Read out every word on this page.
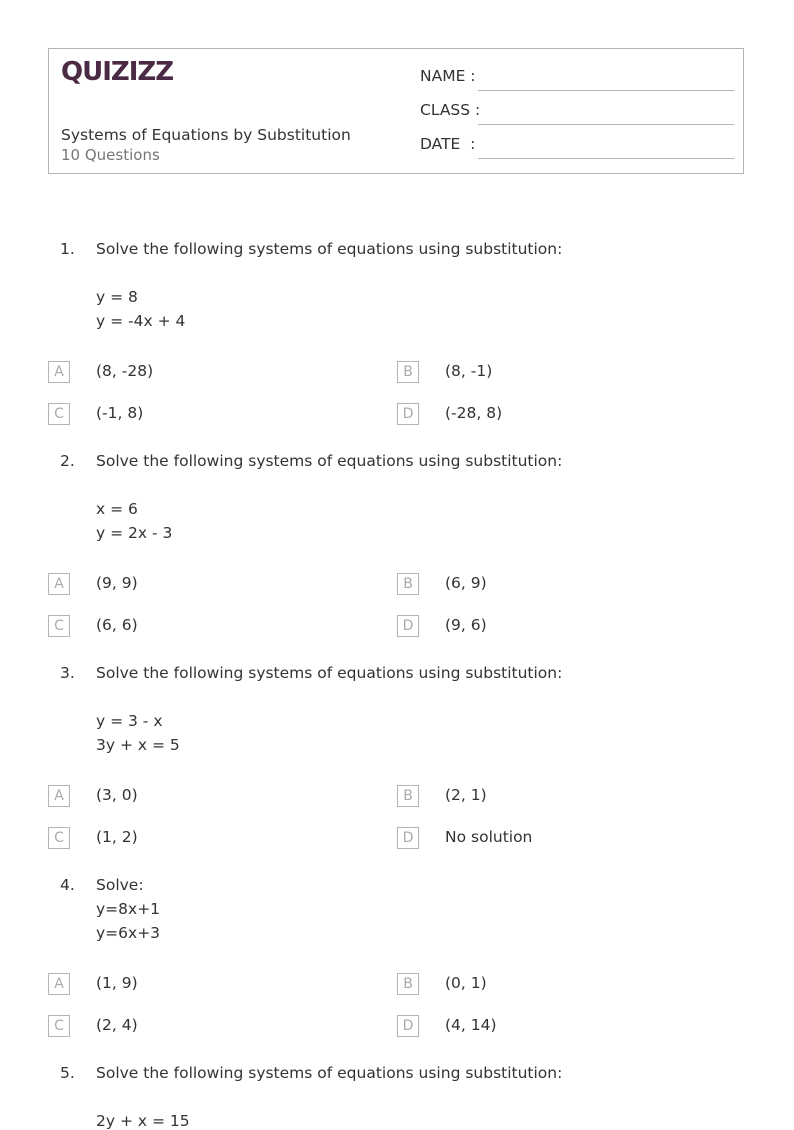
QUIZIZZ
Systems of Equations by Substitution
10 Questions
NAME :
CLASS :
DATE  :
1. Solve the following systems of equations using substitution:
y = 8
y = -4x + 4
A	(8, -28)	B	(8, -1)
C	(-1, 8)	D	(-28, 8)
2. Solve the following systems of equations using substitution:
x = 6
y = 2x - 3
A	(9, 9)	B	(6, 9)
C	(6, 6)	D	(9, 6)
3. Solve the following systems of equations using substitution:
y = 3 - x
3y + x = 5
A	(3, 0)	B	(2, 1)
C	(1, 2)	D	No solution
4. Solve:
y=8x+1
y=6x+3
A	(1, 9)	B	(0, 1)
C	(2, 4)	D	(4, 14)
5. Solve the following systems of equations using substitution:
2y + x = 15
